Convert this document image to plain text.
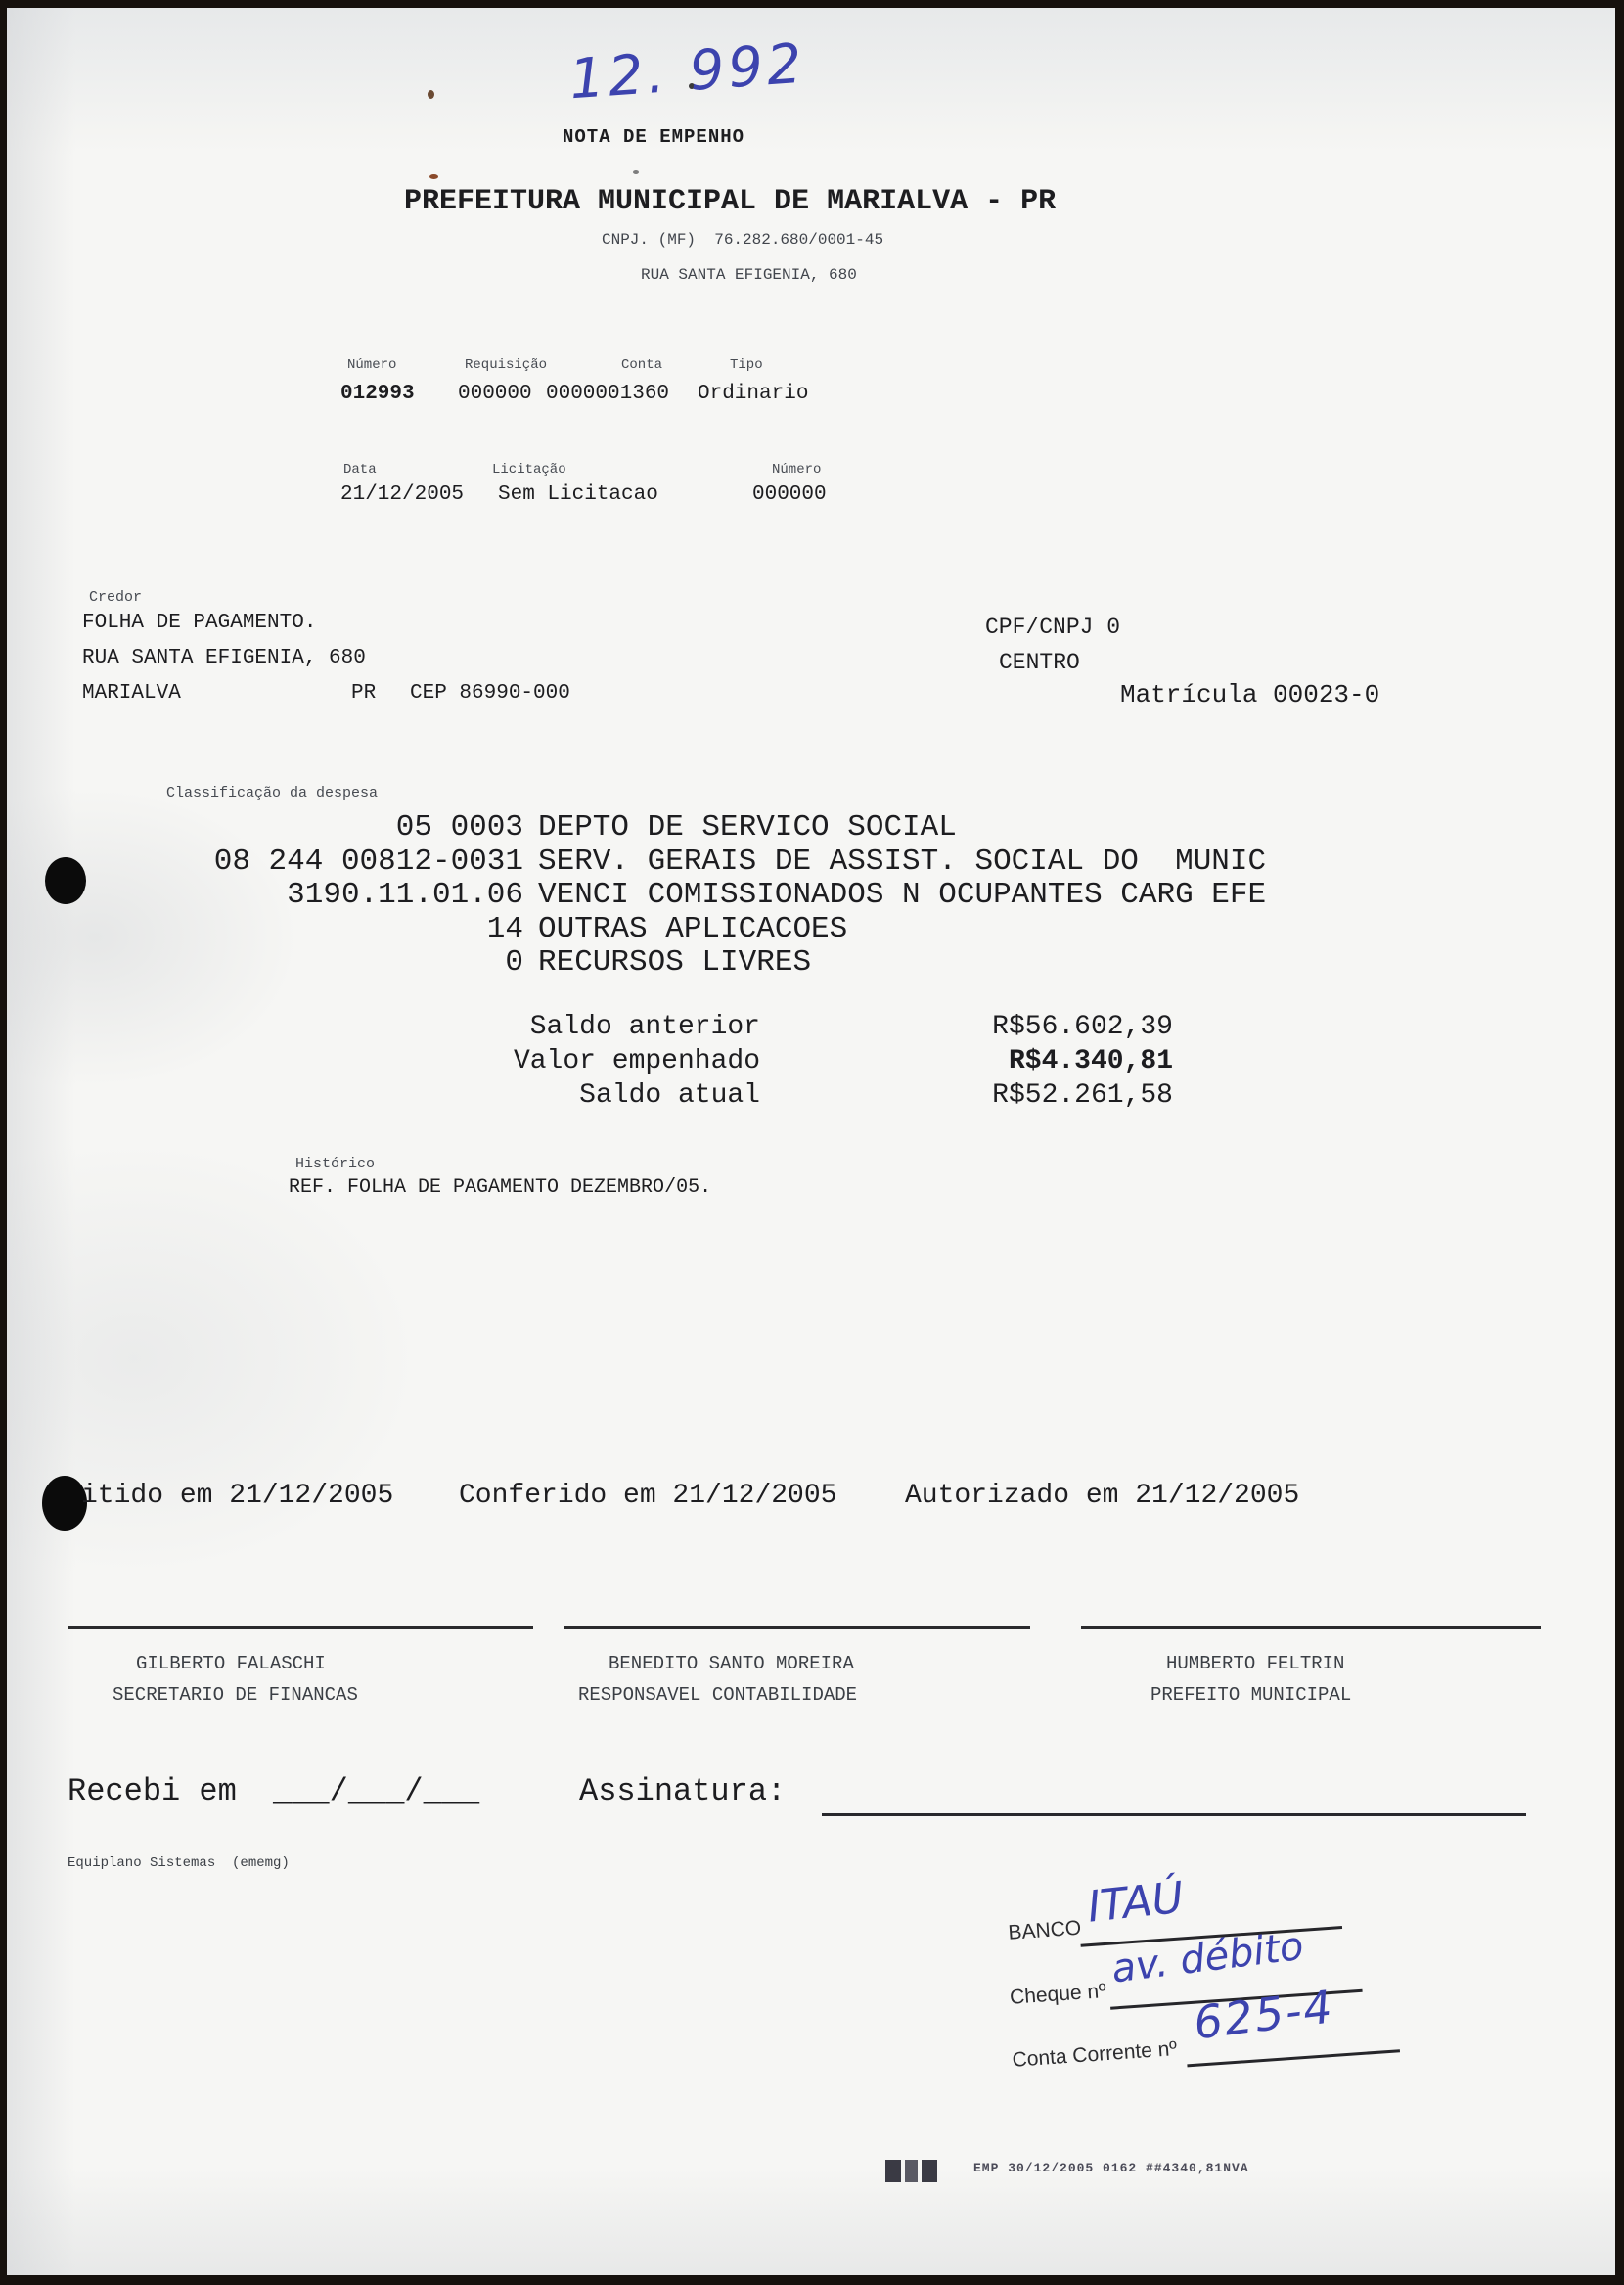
12. 992
NOTA DE EMPENHO
PREFEITURA MUNICIPAL DE MARIALVA - PR
CNPJ. (MF)  76.282.680/0001-45
RUA SANTA EFIGENIA, 680
Número	Requisição	Conta	Tipo
012993 000000 0000001360 Ordinario
Data	Licitação	Número
21/12/2005 Sem Licitacao	000000
Credor
FOLHA DE PAGAMENTO.
RUA SANTA EFIGENIA, 680
MARIALVA	PR CEP 86990-000
CPF/CNPJ 0
CENTRO
Matrícula 00023-0
Classificação da despesa
05 0003 DEPTO DE SERVICO SOCIAL
08 244 00812-0031 SERV. GERAIS DE ASSIST. SOCIAL DO  MUNIC
3190.11.01.06 VENCI COMISSIONADOS N OCUPANTES CARG EFE
14 OUTRAS APLICACOES
0 RECURSOS LIVRES
Saldo anterior	R$56.602,39
Valor empenhado	R$4.340,81
Saldo atual	R$52.261,58
Histórico
REF. FOLHA DE PAGAMENTO DEZEMBRO/05.
itido em 21/12/2005 Conferido em 21/12/2005 Autorizado em 21/12/2005
GILBERTO FALASCHI	BENEDITO SANTO MOREIRA	HUMBERTO FELTRIN
SECRETARIO DE FINANCAS	RESPONSAVEL CONTABILIDADE	PREFEITO MUNICIPAL
Recebi em ___/___/___	Assinatura:
Equiplano Sistemas  (ememg)
BANCO ITAÚ
Cheque nº
av. débito
Conta Corrente nº
625-4
EMP 30/12/2005 0162 ##4340,81NVA
